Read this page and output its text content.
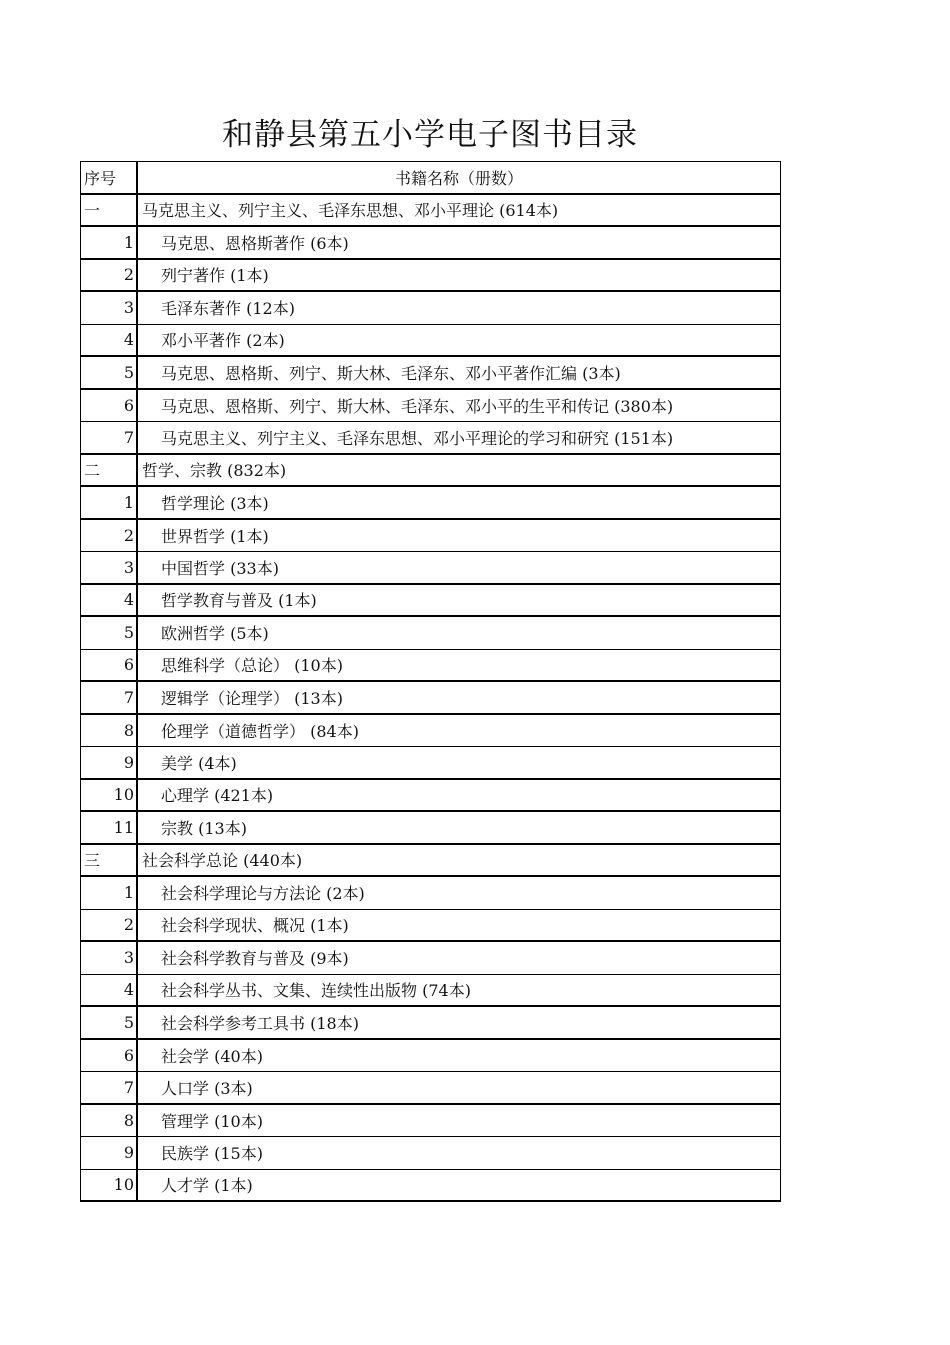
和静县第五小学电子图书目录
序号	书籍名称（册数）
一	马克思主义、列宁主义、毛泽东思想、邓小平理论 (614本)
1	马克思、恩格斯著作 (6本)
2	列宁著作 (1本)
3	毛泽东著作 (12本)
4	邓小平著作 (2本)
5	马克思、恩格斯、列宁、斯大林、毛泽东、邓小平著作汇编 (3本)
6	马克思、恩格斯、列宁、斯大林、毛泽东、邓小平的生平和传记 (380本)
7	马克思主义、列宁主义、毛泽东思想、邓小平理论的学习和研究 (151本)
二	哲学、宗教 (832本)
1	哲学理论 (3本)
2	世界哲学 (1本)
3	中国哲学 (33本)
4	哲学教育与普及 (1本)
5	欧洲哲学 (5本)
6	思维科学（总论） (10本)
7	逻辑学（论理学） (13本)
8	伦理学（道德哲学） (84本)
9	美学 (4本)
10	心理学 (421本)
11	宗教 (13本)
三	社会科学总论 (440本)
1	社会科学理论与方法论 (2本)
2	社会科学现状、概况 (1本)
3	社会科学教育与普及 (9本)
4	社会科学丛书、文集、连续性出版物 (74本)
5	社会科学参考工具书 (18本)
6	社会学 (40本)
7	人口学 (3本)
8	管理学 (10本)
9	民族学 (15本)
10	人才学 (1本)
